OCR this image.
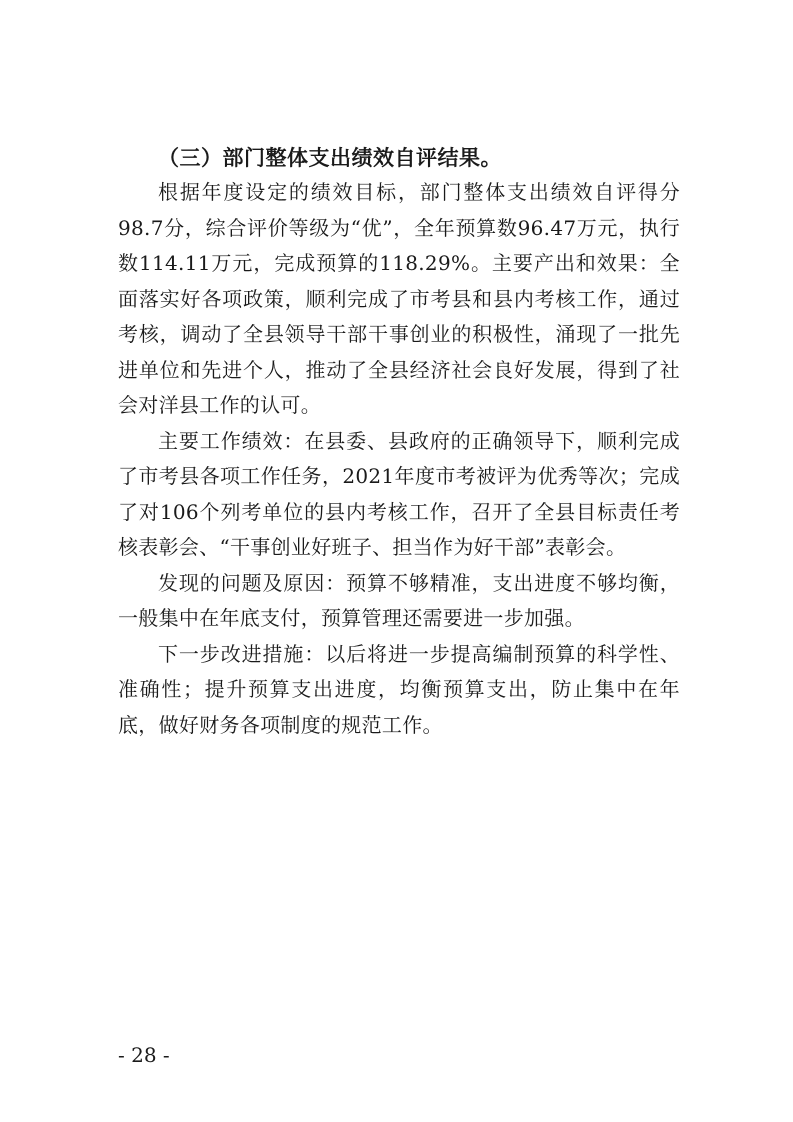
（三）部门整体支出绩效自评结果。

根据年度设定的绩效目标，部门整体支出绩效自评得分98.7分，综合评价等级为“优”，全年预算数96.47万元，执行数114.11万元，完成预算的118.29%。主要产出和效果：全面落实好各项政策，顺利完成了市考县和县内考核工作，通过考核，调动了全县领导干部干事创业的积极性，涌现了一批先进单位和先进个人，推动了全县经济社会良好发展，得到了社会对洋县工作的认可。

主要工作绩效：在县委、县政府的正确领导下，顺利完成了市考县各项工作任务，2021年度市考被评为优秀等次；完成了对106个列考单位的县内考核工作，召开了全县目标责任考核表彰会、“干事创业好班子、担当作为好干部”表彰会。

发现的问题及原因：预算不够精准，支出进度不够均衡，一般集中在年底支付，预算管理还需要进一步加强。

下一步改进措施：以后将进一步提高编制预算的科学性、准确性；提升预算支出进度，均衡预算支出，防止集中在年底，做好财务各项制度的规范工作。

- 28 -
